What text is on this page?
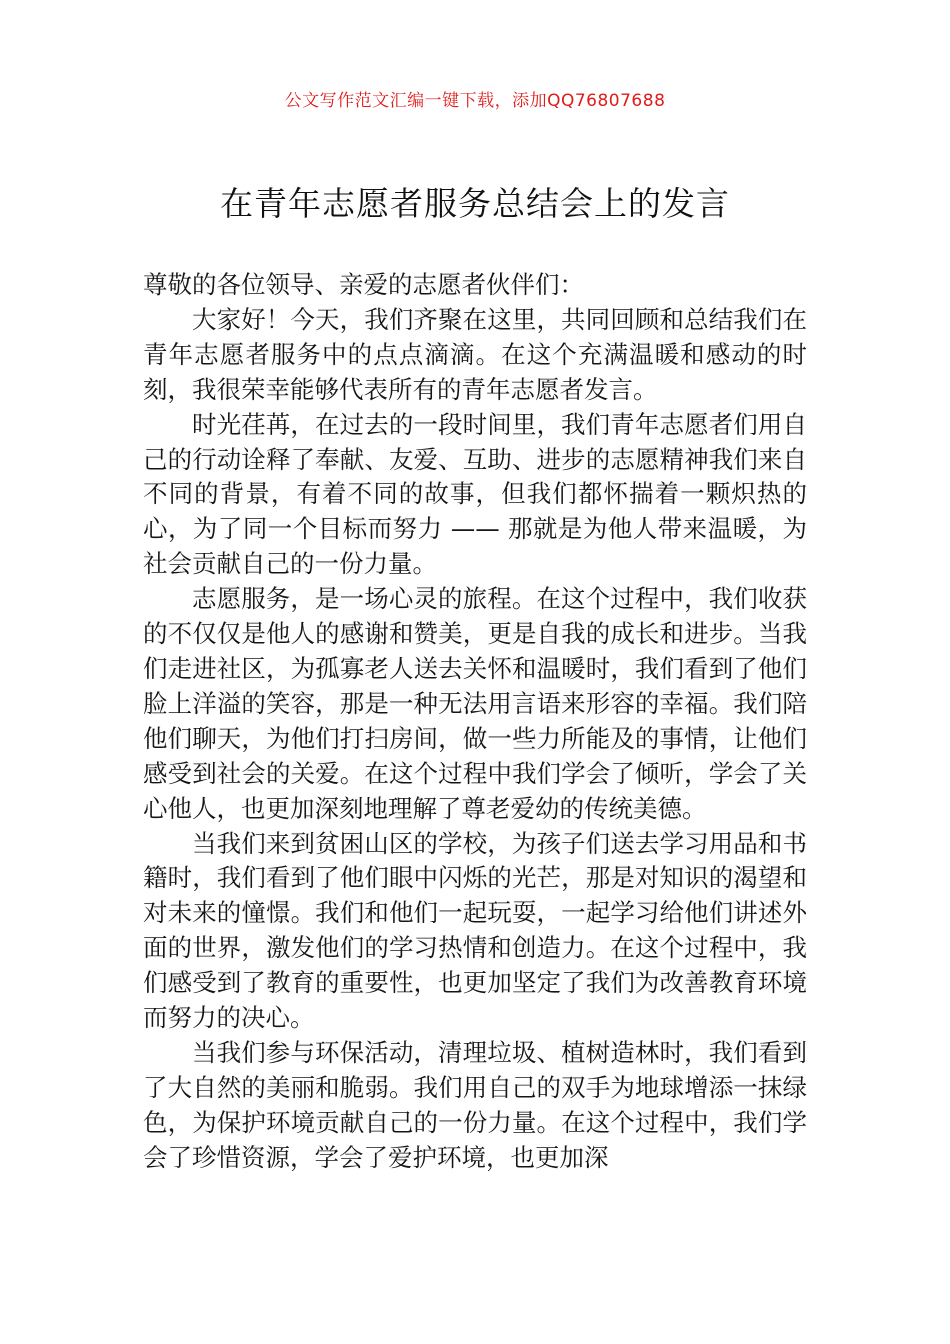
公文写作范文汇编一键下载，添加QQ76807688
在青年志愿者服务总结会上的发言

尊敬的各位领导、亲爱的志愿者伙伴们：

大家好！今天，我们齐聚在这里，共同回顾和总结我们在青年志愿者服务中的点点滴滴。在这个充满温暖和感动的时刻，我很荣幸能够代表所有的青年志愿者发言。

时光荏苒，在过去的一段时间里，我们青年志愿者们用自己的行动诠释了奉献、友爱、互助、进步的志愿精神我们来自不同的背景，有着不同的故事，但我们都怀揣着一颗炽热的心，为了同一个目标而努力 —— 那就是为他人带来温暖，为社会贡献自己的一份力量。

志愿服务，是一场心灵的旅程。在这个过程中，我们收获的不仅仅是他人的感谢和赞美，更是自我的成长和进步。当我们走进社区，为孤寡老人送去关怀和温暖时，我们看到了他们脸上洋溢的笑容，那是一种无法用言语来形容的幸福。我们陪他们聊天，为他们打扫房间，做一些力所能及的事情，让他们感受到社会的关爱。在这个过程中我们学会了倾听，学会了关心他人，也更加深刻地理解了尊老爱幼的传统美德。

当我们来到贫困山区的学校，为孩子们送去学习用品和书籍时，我们看到了他们眼中闪烁的光芒，那是对知识的渴望和对未来的憧憬。我们和他们一起玩耍，一起学习给他们讲述外面的世界，激发他们的学习热情和创造力。在这个过程中，我们感受到了教育的重要性，也更加坚定了我们为改善教育环境而努力的决心。

当我们参与环保活动，清理垃圾、植树造林时，我们看到了大自然的美丽和脆弱。我们用自己的双手为地球增添一抹绿色，为保护环境贡献自己的一份力量。在这个过程中，我们学会了珍惜资源，学会了爱护环境，也更加深
